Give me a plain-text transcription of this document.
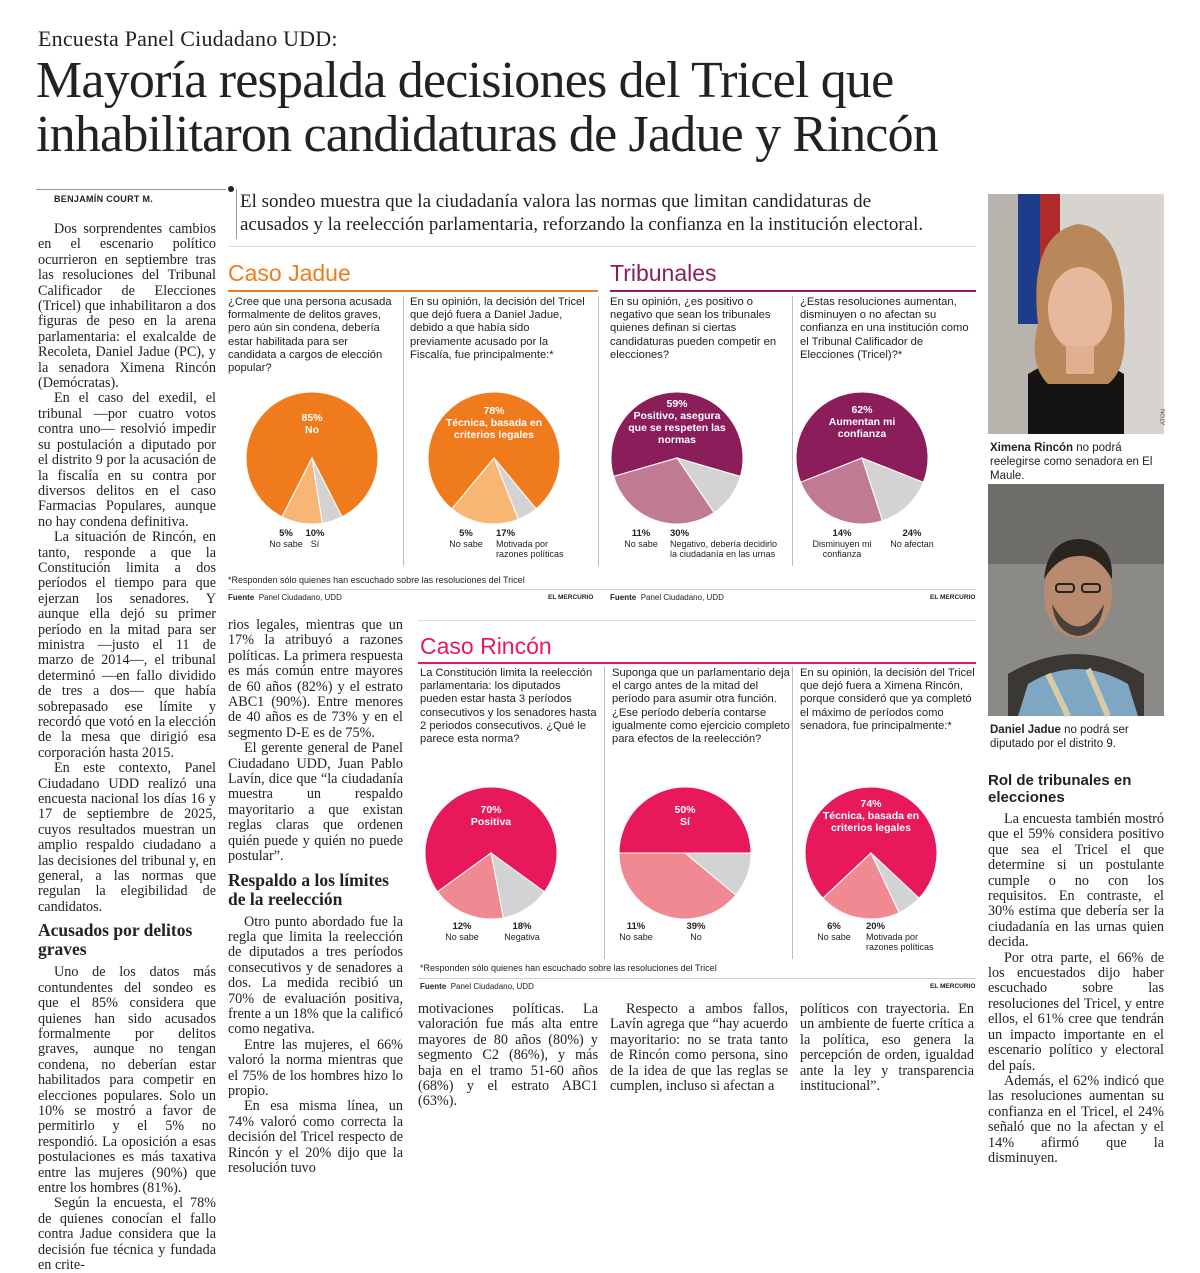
Encuesta Panel Ciudadano UDD:
Mayoría respalda decisiones del Tricel que
inhabilitaron candidaturas de Jadue y Rincón
BENJAMÍN COURT M.	El sondeo muestra que la ciudadanía valora las normas que limitan candidaturas de
acusados y la reelección parlamentaria, reforzando la confianza en la institución electoral.

Dos sorprendentes cambios en el escenario político ocurrieron en septiembre tras las resoluciones del Tribunal Calificador de Elecciones (Tricel) que inhabilitaron a dos figuras de peso en la arena parlamentaria: el exalcalde de Recoleta, Daniel Jadue (PC), y la senadora Ximena Rincón (Demócratas).

En el caso del exedil, el tribunal —por cuatro votos contra uno— resolvió impedir su postulación a diputado por el distrito 9 por la acusación de la fiscalía en su contra por diversos delitos en el caso Farmacias Populares, aunque no hay condena definitiva.

La situación de Rincón, en tanto, responde a que la Constitución limita a dos períodos el tiempo para que ejerzan los senadores. Y aunque ella dejó su primer período en la mitad para ser ministra —justo el 11 de marzo de 2014—, el tribunal determinó —en fallo dividido de tres a dos— que había sobrepasado ese límite y recordó que votó en la elección de la mesa que dirigió esa corporación hasta 2015.

En este contexto, Panel Ciudadano UDD realizó una encuesta nacional los días 16 y 17 de septiembre de 2025, cuyos resultados muestran un amplio respaldo ciudadano a las decisiones del tribunal y, en general, a las normas que regulan la elegibilidad de candidatos.

Acusados por delitos graves

Uno de los datos más contundentes del sondeo es que el 85% considera que quienes han sido acusados formalmente por delitos graves, aunque no tengan condena, no deberían estar habilitados para competir en elecciones populares. Solo un 10% se mostró a favor de permitirlo y el 5% no respondió. La oposición a esas postulaciones es más taxativa entre las mujeres (90%) que entre los hombres (81%).

Según la encuesta, el 78% de quienes conocían el fallo contra Jadue considera que la decisión fue técnica y fundada en crite-

rios legales, mientras que un 17% la atribuyó a razones políticas. La primera respuesta es más común entre mayores de 60 años (82%) y el estrato ABC1 (90%). Entre menores de 40 años es de 73% y en el segmento D-E es de 75%.

El gerente general de Panel Ciudadano UDD, Juan Pablo Lavín, dice que “la ciudadanía muestra un respaldo mayoritario a que existan reglas claras que ordenen quién puede y quién no puede postular”.

Respaldo a los límites de la reelección

Otro punto abordado fue la regla que limita la reelección de diputados a tres períodos consecutivos y de senadores a dos. La medida recibió un 70% de evaluación positiva, frente a un 18% que la calificó como negativa.

Entre las mujeres, el 66% valoró la norma mientras que el 75% de los hombres hizo lo propio.

En esa misma línea, un 74% valoró como correcta la decisión del Tricel respecto de Rincón y el 20% dijo que la resolución tuvo

motivaciones políticas. La valoración fue más alta entre mayores de 80 años (80%) y segmento C2 (86%), y más baja en el tramo 51-60 años (68%) y el estrato ABC1 (63%).

Respecto a ambos fallos, Lavín agrega que “hay acuerdo mayoritario: no se trata tanto de Rincón como persona, sino de la idea de que las reglas se cumplen, incluso si afectan a

políticos con trayectoria. En un ambiente de fuerte crítica a la política, eso genera la percepción de orden, igualdad ante la ley y transparencia institucional”.

Caso Jadue	Tribunales
¿Cree que una persona acusada formalmente de delitos graves, pero aún sin condena, debería estar habilitada para ser candidata a cargos de elección popular?
En su opinión, la decisión del Tricel que dejó fuera a Daniel Jadue, debido a que había sido previamente acusado por la Fiscalía, fue principalmente:*
En su opinión, ¿es positivo o negativo que sean los tribunales quienes definan si ciertas candidaturas pueden competir en elecciones?
¿Estas resoluciones aumentan, disminuyen o no afectan su confianza en una institución como el Tribunal Calificador de Elecciones (Tricel)?*
85%
No
78%
Técnica, basada en criterios legales
59%
Positivo, asegura que se respeten las normas
62%
Aumentan mi confianza
5%
No sabe
10%
Sí
5%
No sabe
17%
Motivada por razones políticas
11%
No sabe
30%
Negativo, debería decidirlo la ciudadanía en las urnas
14%
Disminuyen mi confianza
24%
No afectan
*Responden sólo quienes han escuchado sobre las resoluciones del Tricel
Fuente Panel Ciudadano, UDD	EL MERCURIO Fuente Panel Ciudadano, UDD	EL MERCURIO
Caso Rincón
La Constitución limita la reelección parlamentaria: los diputados pueden estar hasta 3 períodos consecutivos y los senadores hasta 2 periodos consecutivos. ¿Qué le parece esta norma?
Suponga que un parlamentario deja el cargo antes de la mitad del período para asumir otra función. ¿Ese período debería contarse igualmente como ejercicio completo para efectos de la reelección?
En su opinión, la decisión del Tricel que dejó fuera a Ximena Rincón, porque consideró que ya completó el máximo de períodos como senadora, fue principalmente:*
70%
Positiva
50%
Sí
74%
Técnica, basada en criterios legales
12%
No sabe
18%
Negativa
11%
No sabe
39%
No
6%
No sabe
20%
Motivada por razones políticas
*Responden sólo quienes han escuchado sobre las resoluciones del Tricel
Fuente Panel Ciudadano, UDD	EL MERCURIO
ATON
Ximena Rincón no podrá reelegirse como senadora en El Maule.
Daniel Jadue no podrá ser diputado por el distrito 9.
Rol de tribunales en elecciones

La encuesta también mostró que el 59% considera positivo que sea el Tricel el que determine si un postulante cumple o no con los requisitos. En contraste, el 30% estima que debería ser la ciudadanía en las urnas quien decida.

Por otra parte, el 66% de los encuestados dijo haber escuchado sobre las resoluciones del Tricel, y entre ellos, el 61% cree que tendrán un impacto importante en el escenario político y electoral del país.

Además, el 62% indicó que las resoluciones aumentan su confianza en el Tricel, el 24% señaló que no la afectan y el 14% afirmó que la disminuyen.
